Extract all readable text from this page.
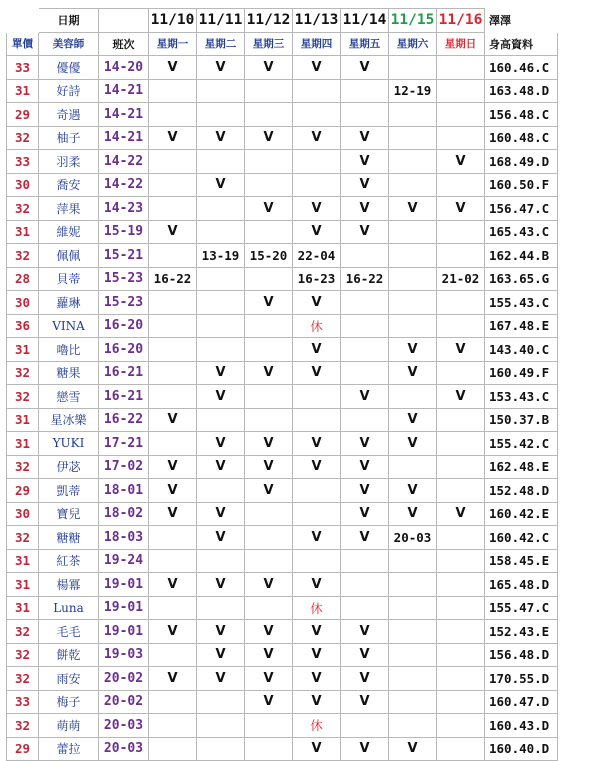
	日期		11/10	11/11	11/12	11/13	11/14	11/15	11/16	澤澤
單價	美容師	班次	星期一	星期二	星期三	星期四	星期五	星期六	星期日	身高資料
33	優優	14-20	V	V	V	V	V			160.46.C
31	好詩	14-21						12-19		163.48.D
29	奇遇	14-21								156.48.C
32	柚子	14-21	V	V	V	V	V			160.48.C
33	羽柔	14-22					V		V	168.49.D
30	喬安	14-22		V			V			160.50.F
32	萍果	14-23			V	V	V	V	V	156.47.C
31	維妮	15-19	V			V	V			165.43.C
32	佩佩	15-21		13-19	15-20	22-04				162.44.B
28	貝蒂	15-23	16-22			16-23	16-22		21-02	163.65.G
30	蘿琳	15-23			V	V				155.43.C
36	VINA	16-20				休				167.48.E
31	嚕比	16-20				V		V	V	143.40.C
32	糖果	16-21		V	V	V		V		160.49.F
32	戀雪	16-21		V			V		V	153.43.C
31	星冰樂	16-22	V					V		150.37.B
31	YUKI	17-21		V	V	V	V	V		155.42.C
32	伊苾	17-02	V	V	V	V	V			162.48.E
29	凱蒂	18-01	V		V		V	V		152.48.D
30	寶兒	18-02	V	V			V	V	V	160.42.E
32	糖糖	18-03		V		V	V	20-03		160.42.C
31	紅茶	19-24								158.45.E
31	楊冪	19-01	V	V	V	V				165.48.D
31	Luna	19-01				休				155.47.C
32	毛毛	19-01	V	V	V	V	V			152.43.E
32	餅乾	19-03		V	V	V	V			156.48.D
32	雨安	20-02	V	V	V	V	V			170.55.D
33	梅子	20-02			V	V	V			160.47.D
32	萌萌	20-03				休				160.43.D
29	蕾拉	20-03				V	V	V		160.40.D
